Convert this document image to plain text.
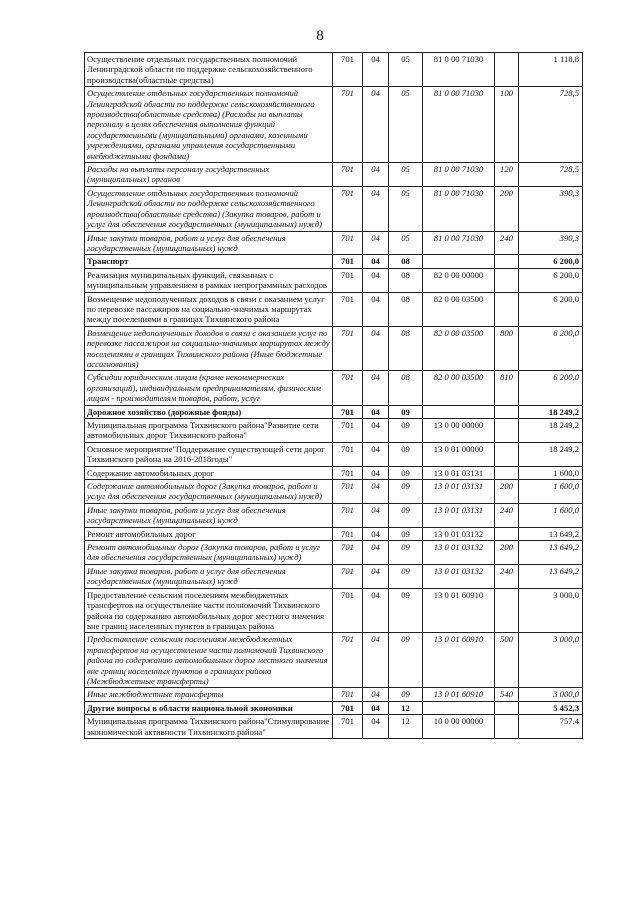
8
Осуществление отдельных государственных полномочий Ленинградской области по поддержке сельскохозяйственного производства(областные средства)	701	04	05	81 0 00 71030		1 118,8
Осуществление отдельных государственных полномочий Ленинградской области по поддержке сельскохозяйственного производства(областные средства) (Расходы на выплаты персоналу в целях обеспечения выполнения функций государственными (муниципальными) органами, казенными учреждениями, органами управления государственными внебюджетными фондами)	701	04	05	81 0 00 71030	100	728,5
Расходы на выплаты персоналу государственных (муниципальных) органов	701	04	05	81 0 00 71030	120	728,5
Осуществление отдельных государственных полномочий Ленинградской области по поддержке сельскохозяйственного производства(областные средства) (Закупка товаров, работ и услуг для обеспечения государственных (муниципальных) нужд)	701	04	05	81 0 00 71030	200	390,3
Иные закупки товаров, работ и услуг для обеспечения государственных (муниципальных) нужд	701	04	05	81 0 00 71030	240	390,3
Транспорт	701	04	08			6 200,0
Реализация муниципальных функций, связанных с муниципальным управлением в рамках непрограммных расходов	701	04	08	82 0 00 00000		6 200,0
Возмещение недополученных доходов в связи с оказанием услуг по перевозке пассажиров на социально-значимых маршрутах между поселениями в границах Тихвинского района	701	04	08	82 0 00 03500		6 200,0
Возмещение недополученных доходов в связи с оказанием услуг по перевозке пассажиров на социально-значимых маршрутах между поселениями в границах Тихвинского района (Иные бюджетные ассигнования)	701	04	08	82 0 00 03500	800	6 200,0
Субсидии юридическим лицам (кроме некоммерческих организаций), индивидуальным предпринимателям, физическим лицам - производителям товаров, работ, услуг	701	04	08	82 0 00 03500	810	6 200,0
Дорожное хозяйство (дорожные фонды)	701	04	09			18 249,2
Муниципальная программа Тихвинского района"Развитие сети автомобильных дорог Тихвинского района"	701	04	09	13 0 00 00000		18 249,2
Основное мероприятие"Поддержание существующей сети дорог Тихвинского района на 2016-2018годы"	701	04	09	13 0 01 00000		18 249,2
Содержание автомобильных дорог	701	04	09	13 0 01 03131		1 600,0
Содержание автомобильных дорог (Закупка товаров, работ и услуг для обеспечения государственных (муниципальных) нужд)	701	04	09	13 0 01 03131	200	1 600,0
Иные закупки товаров, работ и услуг для обеспечения государственных (муниципальных) нужд	701	04	09	13 0 01 03131	240	1 600,0
Ремонт автомобильных дорог	701	04	09	13 0 01 03132		13 649,2
Ремонт автомобильных дорог (Закупка товаров, работ и услуг для обеспечения государственных (муниципальных) нужд)	701	04	09	13 0 01 03132	200	13 649,2
Иные закупки товаров, работ и услуг для обеспечения государственных (муниципальных) нужд	701	04	09	13 0 01 03132	240	13 649,2
Предоставление сельским поселениям межбюджетных трансфертов на осуществление части полномочий Тихвинского района по содержанию автомобильных дорог местного значения вне границ населенных пунктов в границах района	701	04	09	13 0 01 60910		3 000,0
Предоставление сельским поселениям межбюджетных трансфертов на осуществление части полномочий Тихвинского района по содержанию автомобильных дорог местного значения вне границ населенных пунктов в границах района (Межбюджетные трансферты)	701	04	09	13 0 01 60910	500	3 000,0
Иные межбюджетные трансферты	701	04	09	13 0 01 60910	540	3 000,0
Другие вопросы в области национальной экономики	701	04	12			5 452,3
Муниципальная программа Тихвинского района"Стимулирование экономической активности Тихвинского района"	701	04	12	10 0 00 00000		757,4
